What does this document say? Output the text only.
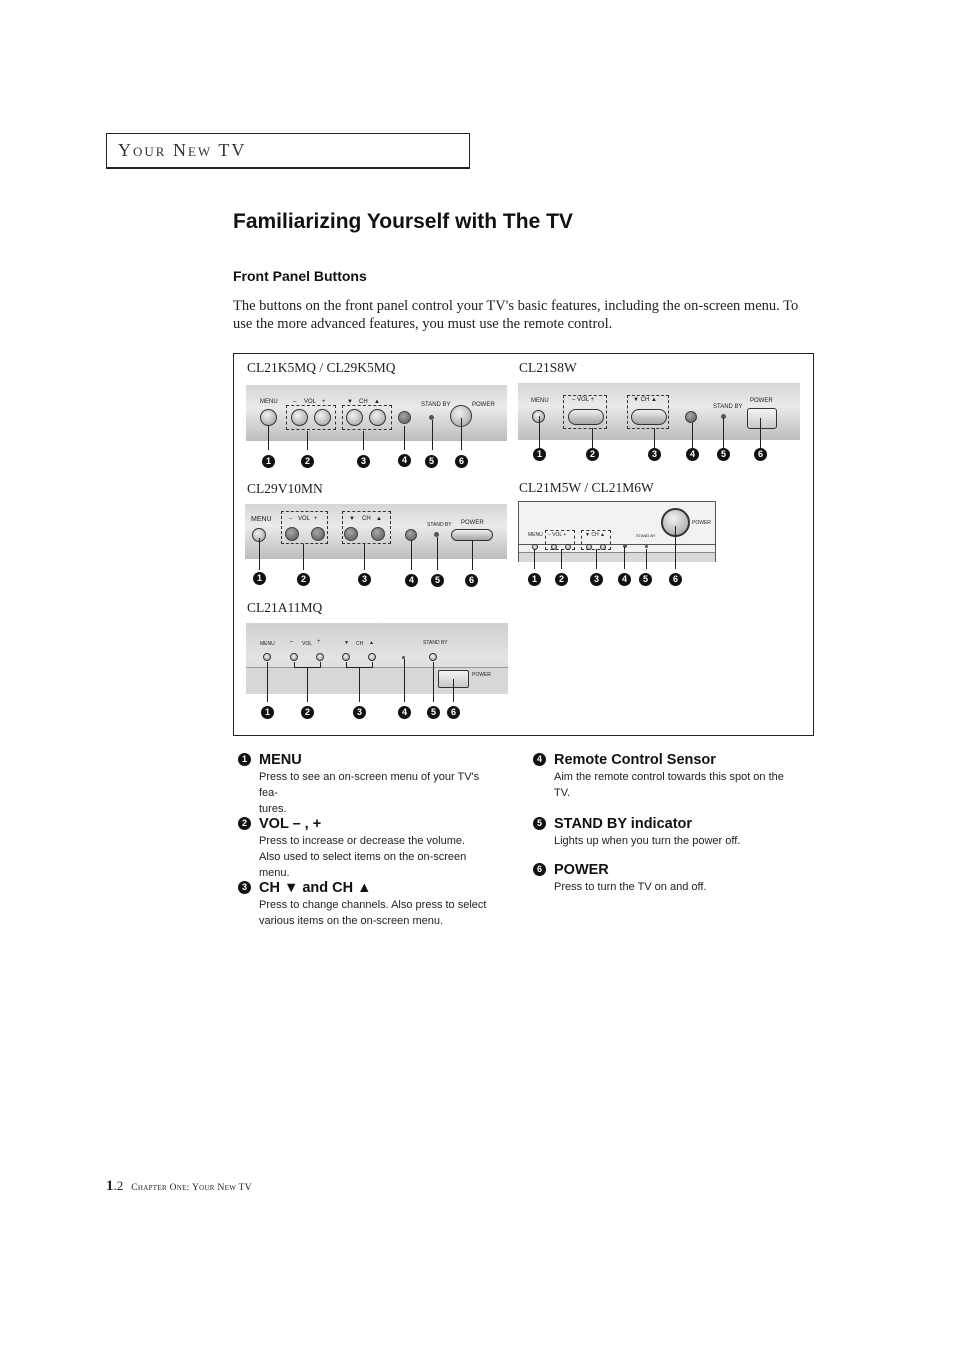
Your New TV
Familiarizing Yourself with The TV
Front Panel Buttons

The buttons on the front panel control your TV's basic features, including the on-screen menu. To use the more advanced features, you must use the remote control.

CL21K5MQ / CL29K5MQ
MENU	– VOL +	▼ CH ▲	STAND BY	POWER
1	2	3	4	5	6
CL21S8W
MENU	– VOL +	▼ CH ▲
STAND BY
POWER
1	2	3	4	5	6
CL29V10MN
MENU	– VOL +	▼ CH ▲
STAND BY POWER
1	2	3	4	5	6
CL21M5W / CL21M6W
POWER
MENU – VOL +	▼ CH ▲	STAND BY
1	2	3	4	5	6
CL21A11MQ
MENU	– VOL +	▼ CH ▲	STAND BY
POWER
1	2	3	4	5	6
1 MENU
Press to see an on-screen menu of your TV's fea-
tures.
2 VOL – , +
Press to increase or decrease the volume.
Also used to select items on the on-screen menu.
3 CH ▼ and CH ▲
Press to change channels. Also press to select
various items on the on-screen menu.
4 Remote Control Sensor
Aim the remote control towards this spot on the
TV.
5 STAND BY indicator
Lights up when you turn the power off.
6 POWER
Press to turn the TV on and off.
1.2 Chapter One: Your New TV
